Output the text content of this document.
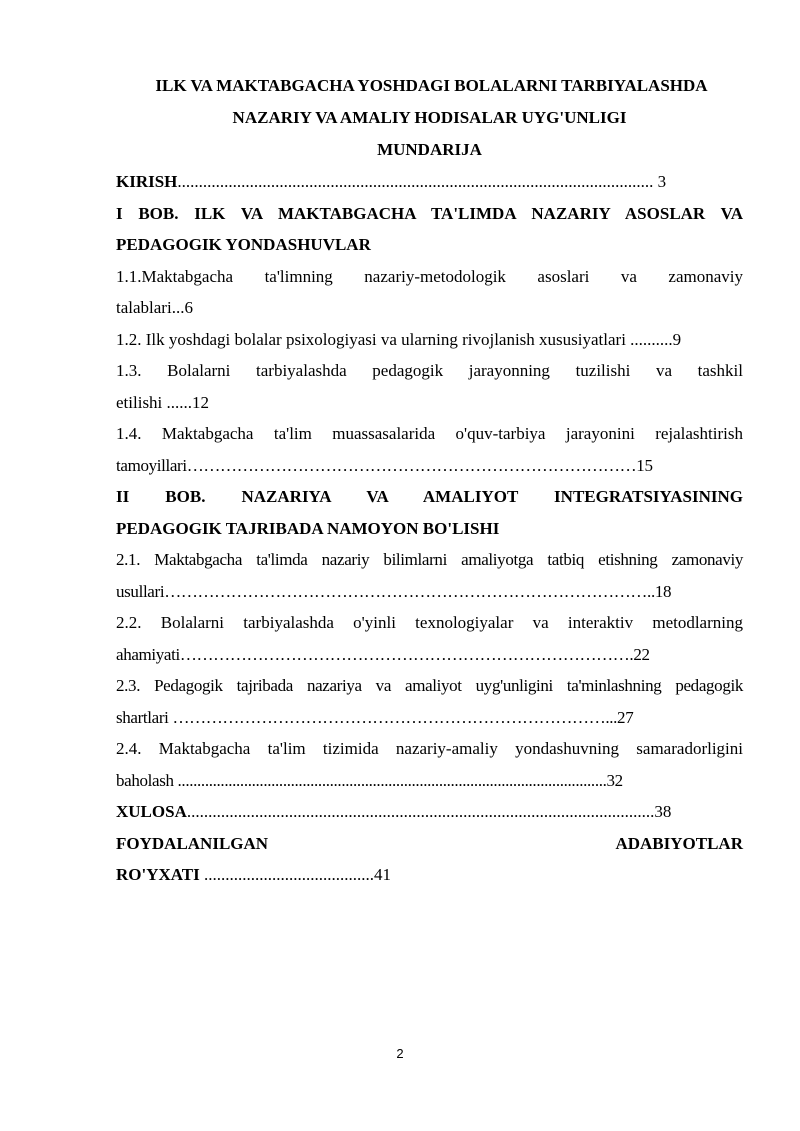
ILK VA MAKTABGACHA YOSHDAGI BOLALARNI TARBIYALASHDA
NAZARIY VA AMALIY HODISALAR UYG'UNLIGI
MUNDARIJA
KIRISH................................................................................................................ 3
I BOB. ILK VA MAKTABGACHA TA'LIMDA NAZARIY ASOSLAR VA
PEDAGOGIK YONDASHUVLAR
1.1.Maktabgacha ta'limning nazariy-metodologik asoslari va zamonaviy
talablari...6
1.2. Ilk yoshdagi bolalar psixologiyasi va ularning rivojlanish xususiyatlari ..........9
1.3. Bolalarni tarbiyalashda pedagogik jarayonning tuzilishi va tashkil
etilishi ......12
1.4. Maktabgacha ta'lim muassasalarida o'quv-tarbiya jarayonini rejalashtirish
tamoyillari………………………………………………………………………15
II BOB. NAZARIYA VA AMALIYOT INTEGRATSIYASINING
PEDAGOGIK TAJRIBADA NAMOYON BO'LISHI
2.1. Maktabgacha ta'limda nazariy bilimlarni amaliyotga tatbiq etishning zamonaviy
usullari……………………………………………………………………………..18
2.2. Bolalarni tarbiyalashda o'yinli texnologiyalar va interaktiv metodlarning
ahamiyati……………………………………………………………………….22
2.3. Pedagogik tajribada nazariya va amaliyot uyg'unligini ta'minlashning pedagogik
shartlari ……………………………………………………………………...27
2.4. Maktabgacha ta'lim tizimida nazariy-amaliy yondashuvning samaradorligini
baholash ..............................................................................................................32
XULOSA..............................................................................................................38
FOYDALANILGAN	ADABIYOTLAR
RO'YXATI ........................................41
2
